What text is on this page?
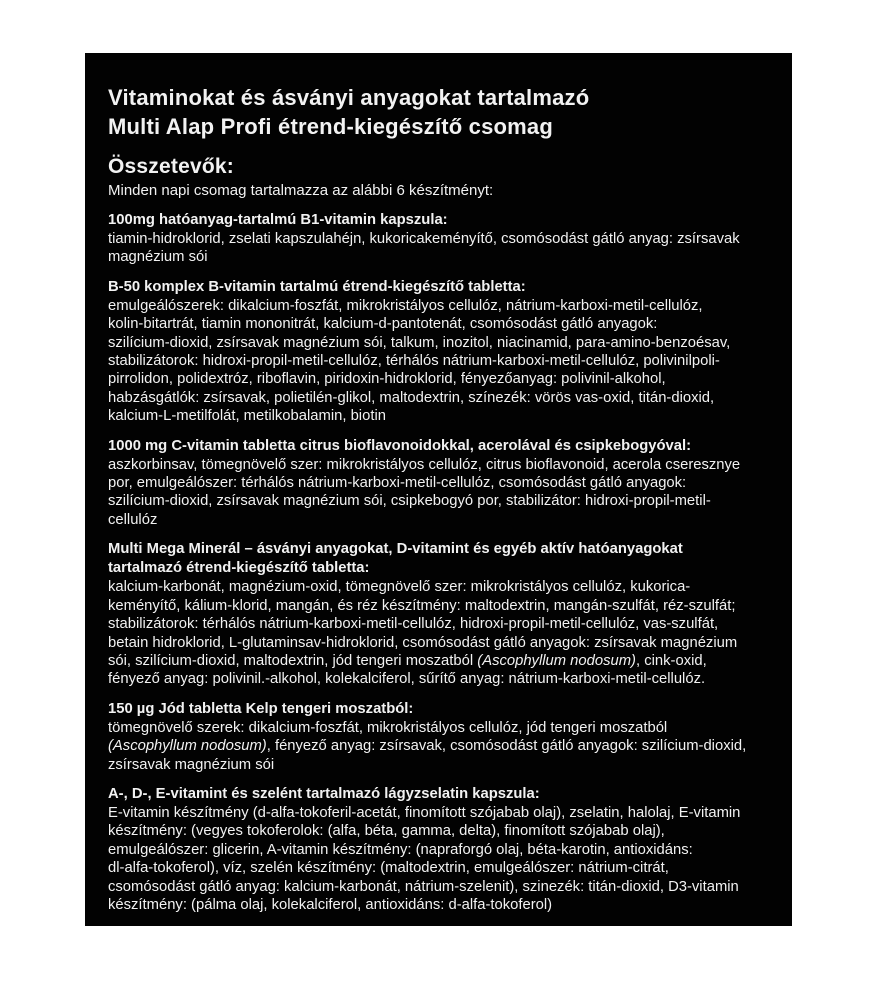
Vitaminokat és ásványi anyagokat tartalmazó
Multi Alap Profi étrend-kiegészítő csomag
Összetevők:

Minden napi csomag tartalmazza az alábbi 6 készítményt:

100mg hatóanyag-tartalmú B1-vitamin kapszula:

tiamin-hidroklorid, zselati kapszulahéjn, kukoricakeményítő, csomósodást gátló anyag: zsírsavak
magnézium sói

B-50 komplex B-vitamin tartalmú étrend-kiegészítő tabletta:

emulgeálószerek: dikalcium-foszfát, mikrokristályos cellulóz, nátrium-karboxi-metil-cellulóz,
kolin-bitartrát, tiamin mononitrát, kalcium-d-pantotenát, csomósodást gátló anyagok:
szilícium-dioxid, zsírsavak magnézium sói, talkum, inozitol, niacinamid, para-amino-benzoésav,
stabilizátorok: hidroxi-propil-metil-cellulóz, térhálós nátrium-karboxi-metil-cellulóz, polivinilpoli-
pirrolidon, polidextróz, riboflavin, piridoxin-hidroklorid, fényezőanyag: polivinil-alkohol,
habzásgátlók: zsírsavak, polietilén-glikol, maltodextrin, színezék: vörös vas-oxid, titán-dioxid,
kalcium-L-metilfolát, metilkobalamin, biotin

1000 mg C-vitamin tabletta citrus bioflavonoidokkal, acerolával és csipkebogyóval:

aszkorbinsav, tömegnövelő szer: mikrokristályos cellulóz, citrus bioflavonoid, acerola cseresznye
por, emulgeálószer: térhálós nátrium-karboxi-metil-cellulóz, csomósodást gátló anyagok:
szilícium-dioxid, zsírsavak magnézium sói, csipkebogyó por, stabilizátor: hidroxi-propil-metil-
cellulóz

Multi Mega Minerál – ásványi anyagokat, D-vitamint és egyéb aktív hatóanyagokat
tartalmazó étrend-kiegészítő tabletta:

kalcium-karbonát, magnézium-oxid, tömegnövelő szer: mikrokristályos cellulóz, kukorica-
keményítő, kálium-klorid, mangán, és réz készítmény: maltodextrin, mangán-szulfát, réz-szulfát;
stabilizátorok: térhálós nátrium-karboxi-metil-cellulóz, hidroxi-propil-metil-cellulóz, vas-szulfát,
betain hidroklorid, L-glutaminsav-hidroklorid, csomósodást gátló anyagok: zsírsavak magnézium
sói, szilícium-dioxid, maltodextrin, jód tengeri moszatból (Ascophyllum nodosum), cink-oxid,
fényező anyag: polivinil.-alkohol, kolekalciferol, sűrítő anyag: nátrium-karboxi-metil-cellulóz.

150 µg Jód tabletta Kelp tengeri moszatból:

tömegnövelő szerek: dikalcium-foszfát, mikrokristályos cellulóz, jód tengeri moszatból
(Ascophyllum nodosum), fényező anyag: zsírsavak, csomósodást gátló anyagok: szilícium-dioxid,
zsírsavak magnézium sói

A-, D-, E-vitamint és szelént tartalmazó lágyzselatin kapszula:

E-vitamin készítmény (d-alfa-tokoferil-acetát, finomított szójabab olaj), zselatin, halolaj, E-vitamin
készítmény: (vegyes tokoferolok: (alfa, béta, gamma, delta), finomított szójabab olaj),
emulgeálószer: glicerin, A-vitamin készítmény: (napraforgó olaj, béta-karotin, antioxidáns:
dl-alfa-tokoferol), víz, szelén készítmény: (maltodextrin, emulgeálószer: nátrium-citrát,
csomósodást gátló anyag: kalcium-karbonát, nátrium-szelenit), szinezék: titán-dioxid, D3-vitamin
készítmény: (pálma olaj, kolekalciferol, antioxidáns: d-alfa-tokoferol)
